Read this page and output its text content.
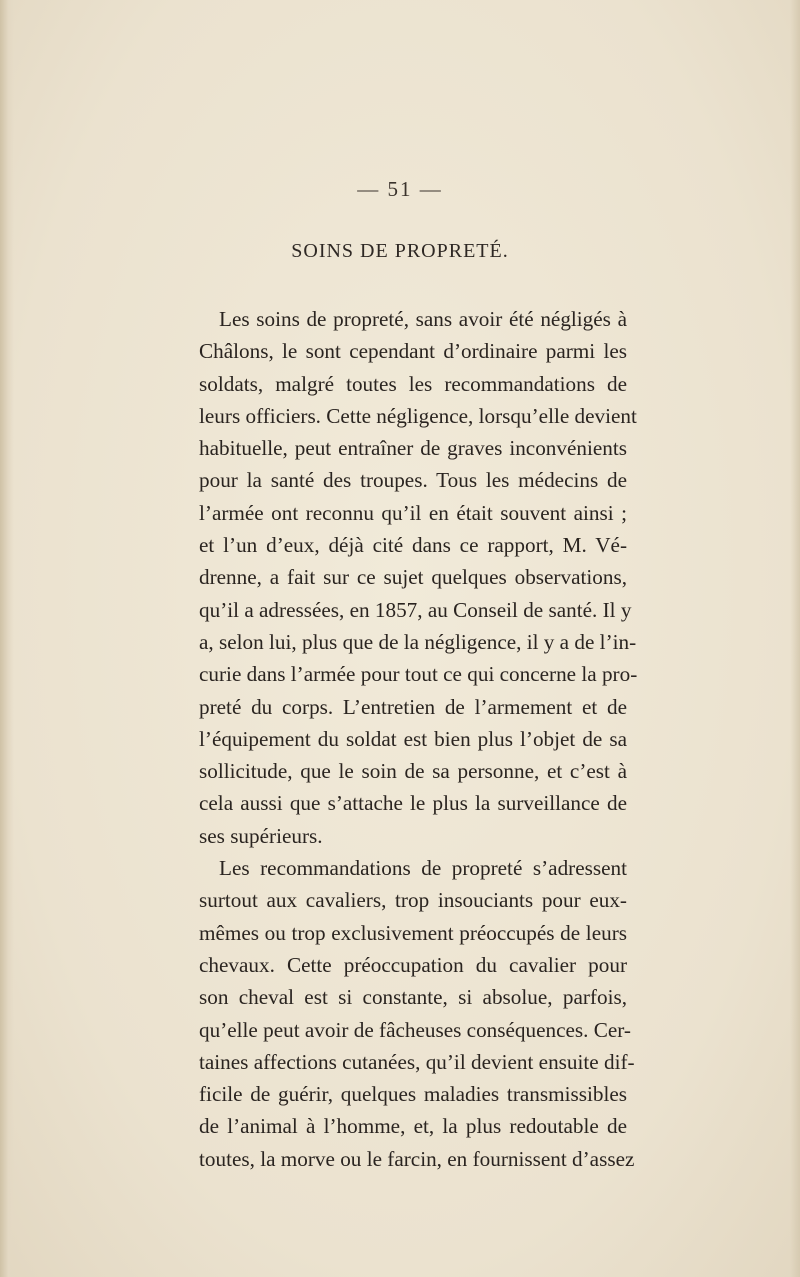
— 51 —
SOINS DE PROPRETÉ.
Les soins de propreté, sans avoir été négligés à
Châlons, le sont cependant d’ordinaire parmi les
soldats, malgré toutes les recommandations de
leurs officiers. Cette négligence, lorsqu’elle devient
habituelle, peut entraîner de graves inconvénients
pour la santé des troupes. Tous les médecins de
l’armée ont reconnu qu’il en était souvent ainsi ;
et l’un d’eux, déjà cité dans ce rapport, M. Vé-
drenne, a fait sur ce sujet quelques observations,
qu’il a adressées, en 1857, au Conseil de santé. Il y
a, selon lui, plus que de la négligence, il y a de l’in-
curie dans l’armée pour tout ce qui concerne la pro-
preté du corps. L’entretien de l’armement et de
l’équipement du soldat est bien plus l’objet de sa
sollicitude, que le soin de sa personne, et c’est à
cela aussi que s’attache le plus la surveillance de
ses supérieurs.
Les recommandations de propreté s’adressent
surtout aux cavaliers, trop insouciants pour eux-
mêmes ou trop exclusivement préoccupés de leurs
chevaux. Cette préoccupation du cavalier pour
son cheval est si constante, si absolue, parfois,
qu’elle peut avoir de fâcheuses conséquences. Cer-
taines affections cutanées, qu’il devient ensuite dif-
ficile de guérir, quelques maladies transmissibles
de l’animal à l’homme, et, la plus redoutable de
toutes, la morve ou le farcin, en fournissent d’assez
